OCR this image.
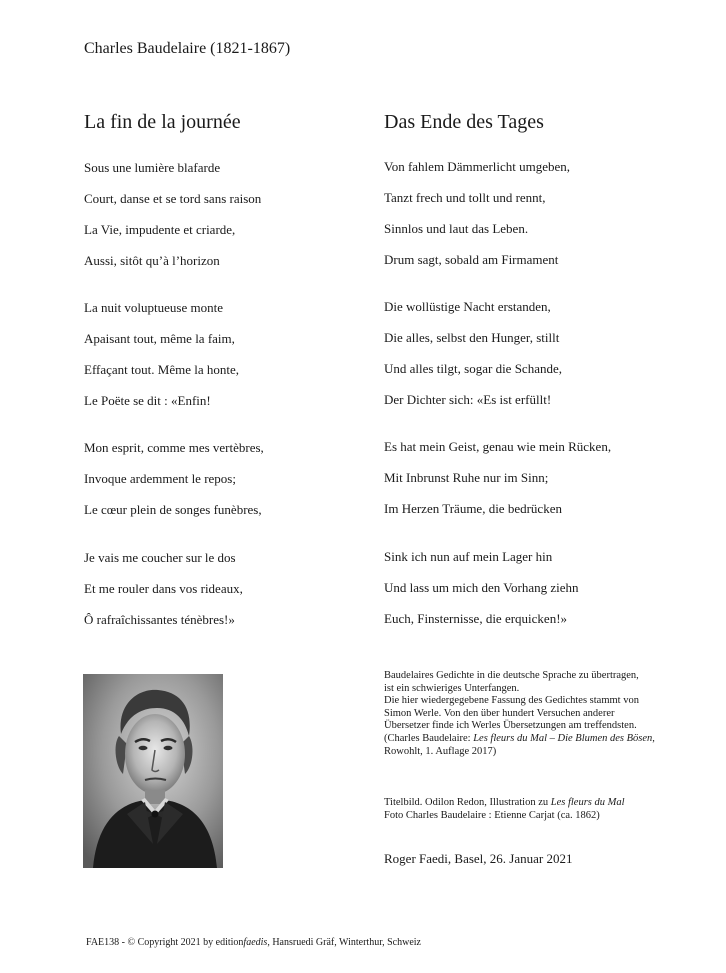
Charles Baudelaire (1821-1867)
La fin de la journée	Das Ende des Tages
Sous une lumière blafarde
Court, danse et se tord sans raison
La Vie, impudente et criarde,
Aussi, sitôt qu’à l’horizon
La nuit voluptueuse monte
Apaisant tout, même la faim,
Effaçant tout. Même la honte,
Le Poëte se dit : «Enfin!
Mon esprit, comme mes vertèbres,
Invoque ardemment le repos;
Le cœur plein de songes funèbres,
Je vais me coucher sur le dos
Et me rouler dans vos rideaux,
Ô rafraîchissantes ténèbres!»
Von fahlem Dämmerlicht umgeben,
Tanzt frech und tollt und rennt,
Sinnlos und laut das Leben.
Drum sagt, sobald am Firmament
Die wollüstige Nacht erstanden,
Die alles, selbst den Hunger, stillt
Und alles tilgt, sogar die Schande,
Der Dichter sich: «Es ist erfüllt!
Es hat mein Geist, genau wie mein Rücken,
Mit Inbrunst Ruhe nur im Sinn;
Im Herzen Träume, die bedrücken
Sink ich nun auf mein Lager hin
Und lass um mich den Vorhang ziehn
Euch, Finsternisse, die erquicken!»
Baudelaires Gedichte in die deutsche Sprache zu übertragen,
ist ein schwieriges Unterfangen.
Die hier wiedergegebene Fassung des Gedichtes stammt von
Simon Werle. Von den über hundert Versuchen anderer
Übersetzer finde ich Werles Übersetzungen am treffendsten.
(Charles Baudelaire: Les fleurs du Mal – Die Blumen des Bösen,
Rowohlt, 1. Auflage 2017)
Titelbild. Odilon Redon, Illustration zu Les fleurs du Mal
Foto Charles Baudelaire : Etienne Carjat (ca. 1862)
Roger Faedi, Basel, 26. Januar 2021
FAE138 - © Copyright 2021 by editionfaedis, Hansruedi Gräf, Winterthur, Schweiz
